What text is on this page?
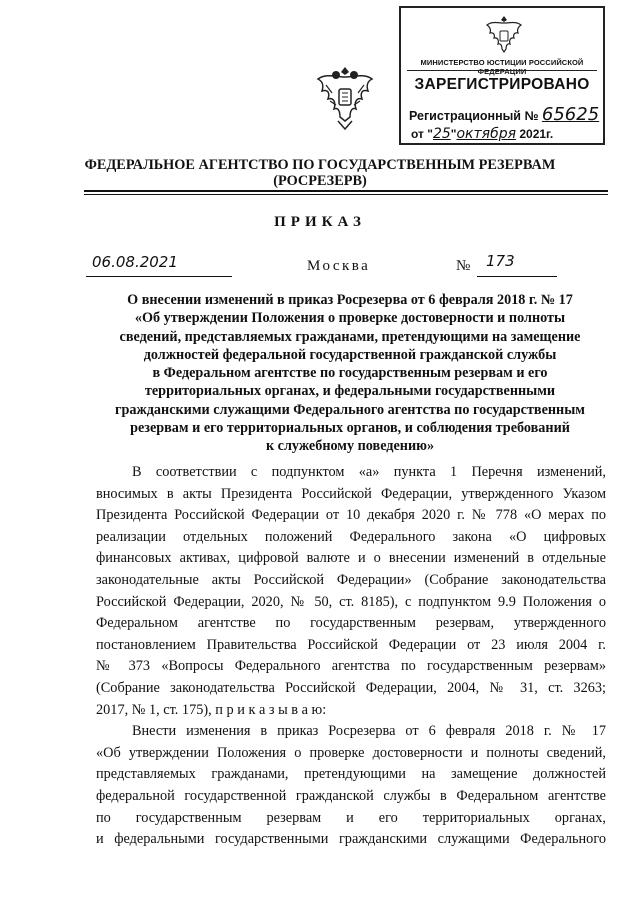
МИНИСТЕРСТВО ЮСТИЦИИ РОССИЙСКОЙ ФЕДЕРАЦИИ
ЗАРЕГИСТРИРОВАНО
Регистрационный № 65625
от "25"октября 2021г.
ФЕДЕРАЛЬНОЕ АГЕНТСТВО ПО ГОСУДАРСТВЕННЫМ РЕЗЕРВАМ
(РОСРЕЗЕРВ)
ПРИКАЗ
06.08.2021	Москва	№ 173
О внесении изменений в приказ Росрезерва от 6 февраля 2018 г. № 17
«Об утверждении Положения о проверке достоверности и полноты
сведений, представляемых гражданами, претендующими на замещение
должностей федеральной государственной гражданской службы
в Федеральном агентстве по государственным резервам и его
территориальных органах, и федеральными государственными
гражданскими служащими Федерального агентства по государственным
резервам и его территориальных органов, и соблюдения требований
к служебному поведению»
В соответствии с подпунктом «а» пункта 1 Перечня изменений,
вносимых в акты Президента Российской Федерации, утвержденного Указом
Президента Российской Федерации от 10 декабря 2020 г. № 778 «О мерах по
реализации отдельных положений Федерального закона «О цифровых
финансовых активах, цифровой валюте и о внесении изменений в отдельные
законодательные акты Российской Федерации» (Собрание законодательства
Российской Федерации, 2020, № 50, ст. 8185), с подпунктом 9.9 Положения о
Федеральном агентстве по государственным резервам, утвержденного
постановлением Правительства Российской Федерации от 23 июля 2004 г.
№ 373 «Вопросы Федерального агентства по государственным резервам»
(Собрание законодательства Российской Федерации, 2004, № 31, ст. 3263;
2017, № 1, ст. 175), п р и к а з ы в а ю:
Внести изменения в приказ Росрезерва от 6 февраля 2018 г. № 17
«Об утверждении Положения о проверке достоверности и полноты сведений,
представляемых гражданами, претендующими на замещение должностей
федеральной государственной гражданской службы в Федеральном агентстве
по государственным резервам и его территориальных органах,
и федеральными государственными гражданскими служащими Федерального
